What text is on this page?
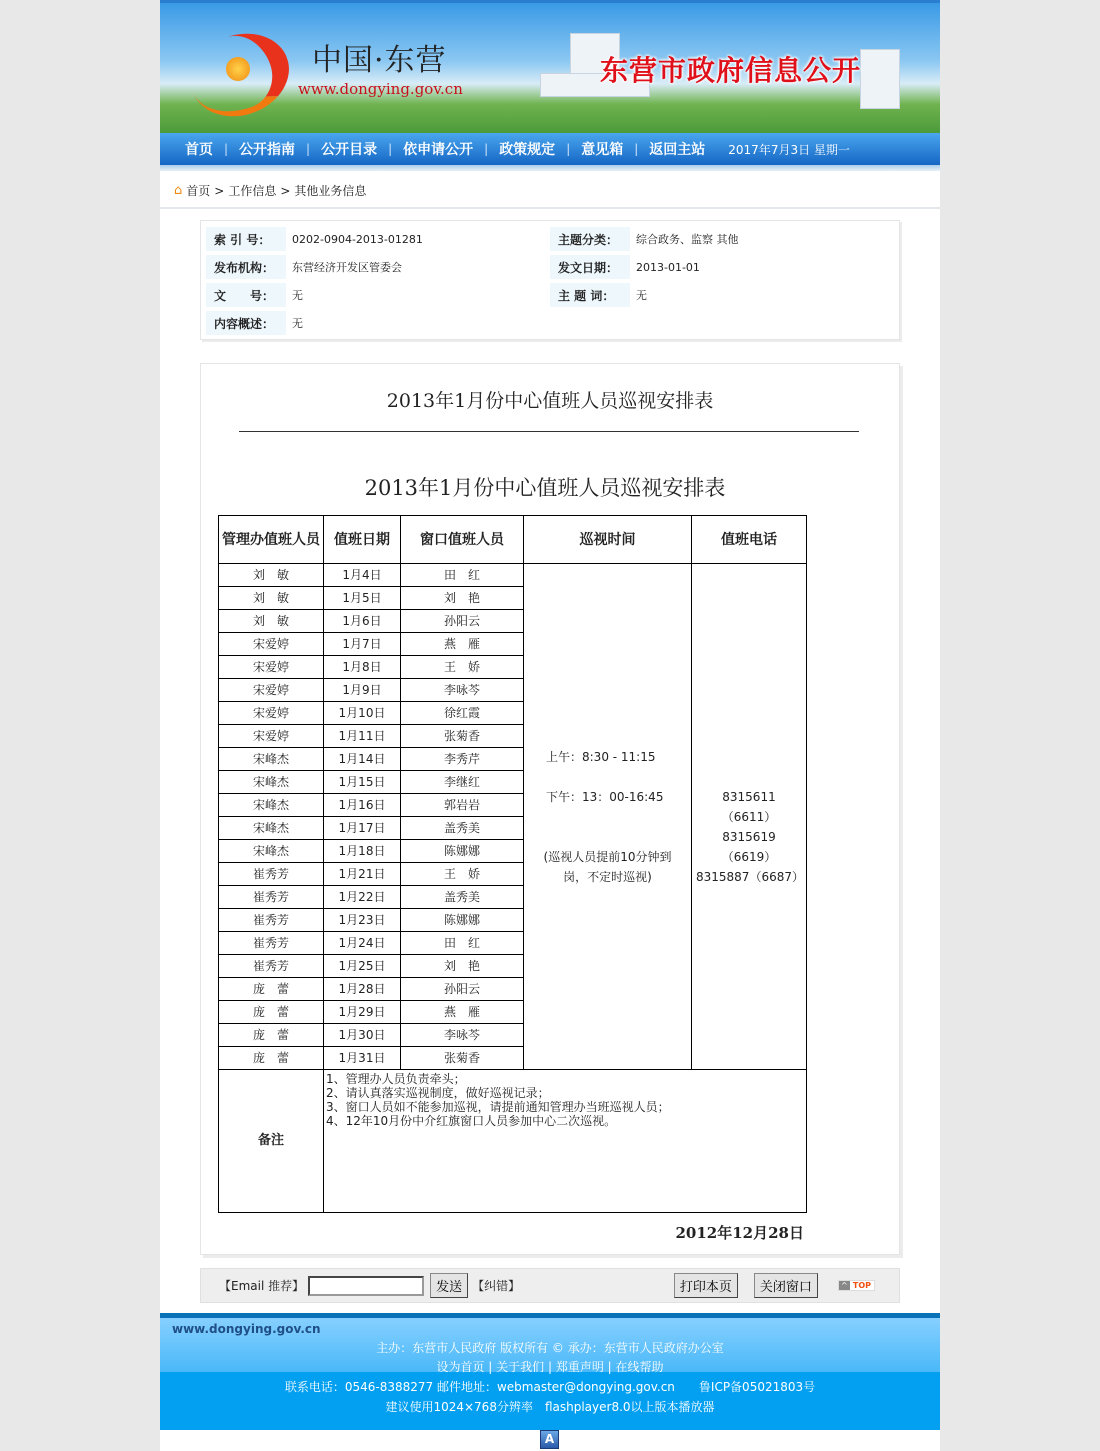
中国·东营
www.dongying.gov.cn
东营市政府信息公开
首页 | 公开指南 | 公开目录 | 依申请公开 | 政策规定 | 意见箱 | 返回主站	2017年7月3日 星期一
⌂ 首页 > 工作信息 > 其他业务信息
索 引 号：	0202-0904-2013-01281	主题分类：	综合政务、监察 其他
发布机构：	东营经济开发区管委会	发文日期：	2013-01-01
文　　号：	无	主 题 词：	无
内容概述：	无
2013年1月份中心值班人员巡视安排表
2013年1月份中心值班人员巡视安排表
管理办值班人员	值班日期	窗口值班人员	巡视时间	值班电话
刘　敏	1月4日	田　红	上午：8:30 - 11:15
下午：13：00-16:45
(巡视人员提前10分钟到岗，不定时巡视)	8315611（6611） 8315619（6619） 8315887（6687）

刘　敏	1月5日	刘　艳		
刘　敏	1月6日	孙阳云		
宋爱婷	1月7日	燕　雁		
宋爱婷	1月8日	王　娇		
宋爱婷	1月9日	李咏芩		
宋爱婷	1月10日	徐红霞		
宋爱婷	1月11日	张菊香		
宋峰杰	1月14日	李秀芹		
宋峰杰	1月15日	李继红		
宋峰杰	1月16日	郭岩岩		
宋峰杰	1月17日	盖秀美		
宋峰杰	1月18日	陈娜娜		
崔秀芳	1月21日	王　娇		
崔秀芳	1月22日	盖秀美		
崔秀芳	1月23日	陈娜娜		
崔秀芳	1月24日	田　红		
崔秀芳	1月25日	刘　艳		
庞　蕾	1月28日	孙阳云		
庞　蕾	1月29日	燕　雁		
庞　蕾	1月30日	李咏芩		
庞　蕾	1月31日	张菊香		
备注	1、管理办人员负责牵头；
2、请认真落实巡视制度，做好巡视记录；
3、窗口人员如不能参加巡视，请提前通知管理办当班巡视人员；
4、12年10月份中介红旗窗口人员参加中心二次巡视。			
2012年12月28日
【Email 推荐】	发送 【纠错】	打印本页	关闭窗口	^ TOP
www.dongying.gov.cn
主办：东营市人民政府 版权所有 © 承办：东营市人民政府办公室
设为首页 | 关于我们 | 郑重声明 | 在线帮助
联系电话：0546-8388277 邮件地址：webmaster@dongying.gov.cn　　鲁ICP备05021803号
建议使用1024×768分辨率　flashplayer8.0以上版本播放器
A
